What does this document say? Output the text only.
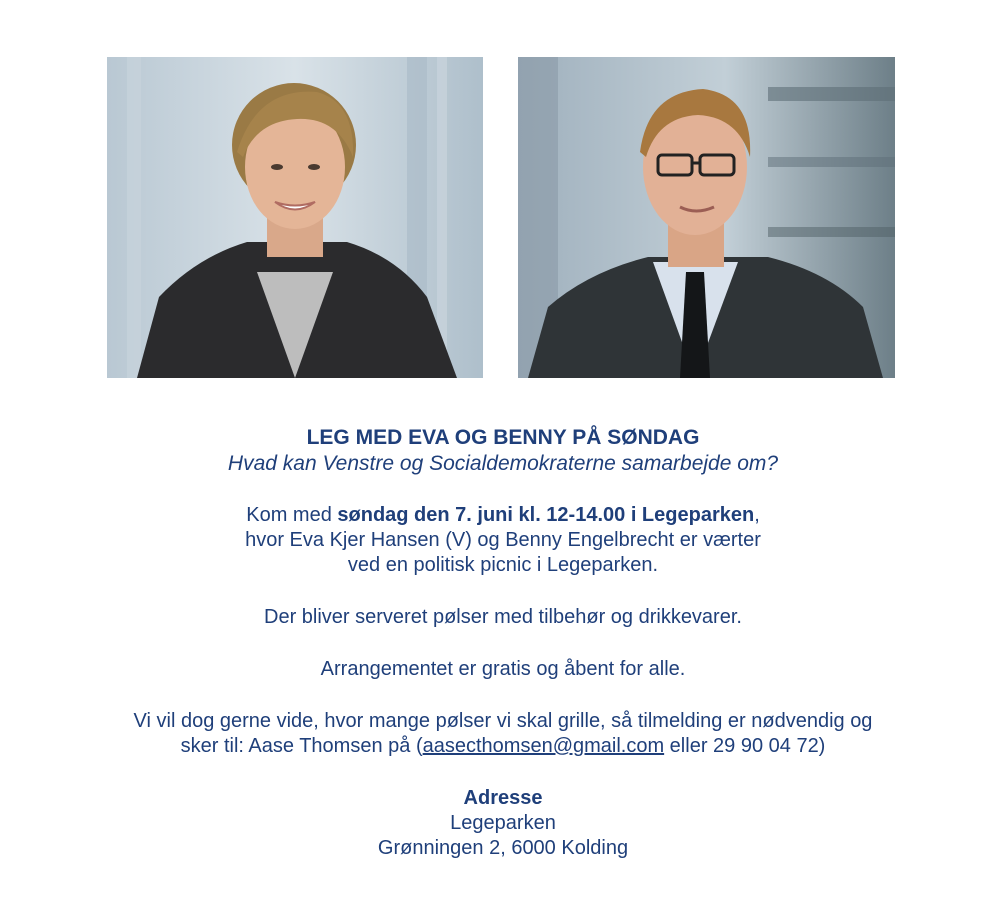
LEG MED EVA OG BENNY PÅ SØNDAG

Hvad kan Venstre og Socialdemokraterne samarbejde om?

Kom med søndag den 7. juni kl. 12-14.00 i Legeparken,

hvor Eva Kjer Hansen (V) og Benny Engelbrecht er værter

ved en politisk picnic i Legeparken.

Der bliver serveret pølser med tilbehør og drikkevarer.

Arrangementet er gratis og åbent for alle.

Vi vil dog gerne vide, hvor mange pølser vi skal grille, så tilmelding er nødvendig og

sker til: Aase Thomsen på (aasecthomsen@gmail.com eller 29 90 04 72)

Adresse

Legeparken

Grønningen 2, 6000 Kolding
